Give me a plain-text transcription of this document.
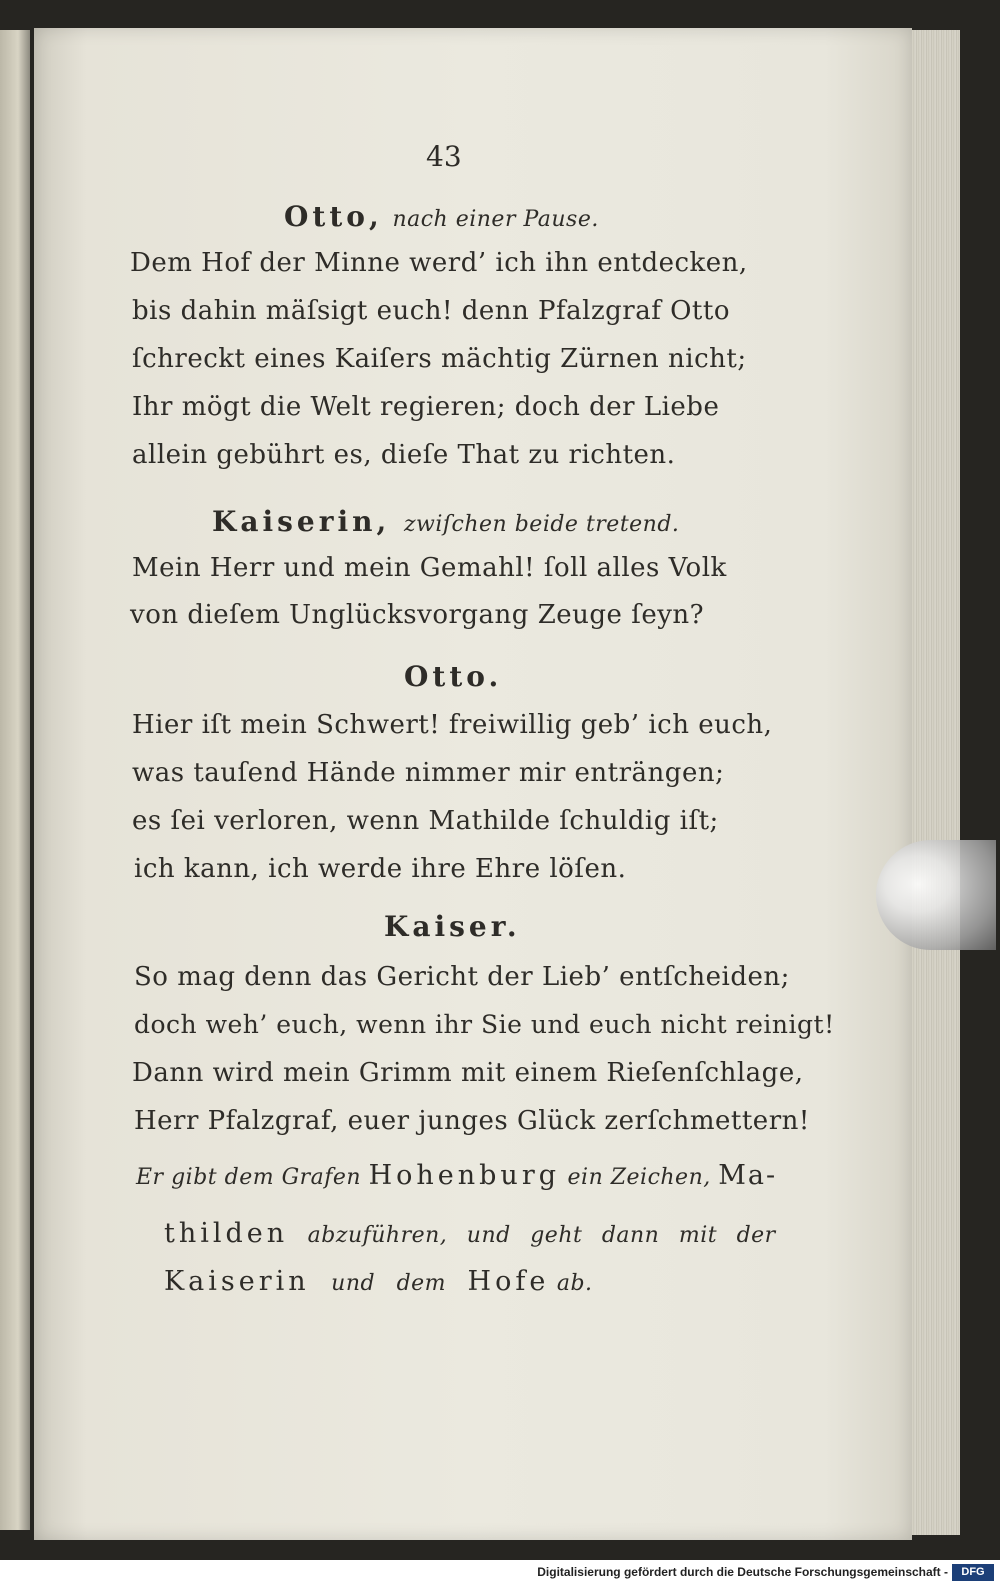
43
Otto, nach einer Pause.
Dem Hof der Minne werd’ ich ihn entdecken,
bis dahin mäſsigt euch! denn Pfalzgraf Otto
ſchreckt eines Kaiſers mächtig Zürnen nicht;
Ihr mögt die Welt regieren; doch der Liebe
allein gebührt es, dieſe That zu richten.
Kaiserin, zwiſchen beide tretend.
Mein Herr und mein Gemahl! ſoll alles Volk
von dieſem Unglücksvorgang Zeuge ſeyn?
Otto.
Hier iſt mein Schwert! freiwillig geb’ ich euch,
was tauſend Hände nimmer mir enträngen;
es ſei verloren, wenn Mathilde ſchuldig iſt;
ich kann, ich werde ihre Ehre löſen.
Kaiser.
So mag denn das Gericht der Lieb’ entſcheiden;
doch weh’ euch, wenn ihr Sie und euch nicht reinigt!
Dann wird mein Grimm mit einem Rieſenſchlage,
Herr Pfalzgraf, euer junges Glück zerſchmettern!
Er gibt dem Grafen Hohenburg ein Zeichen, Ma-
thilden abzuführen, und geht dann mit der
Kaiserin und dem Hofe ab.
Digitalisierung gefördert durch die Deutsche Forschungsgemeinschaft -	DFG
